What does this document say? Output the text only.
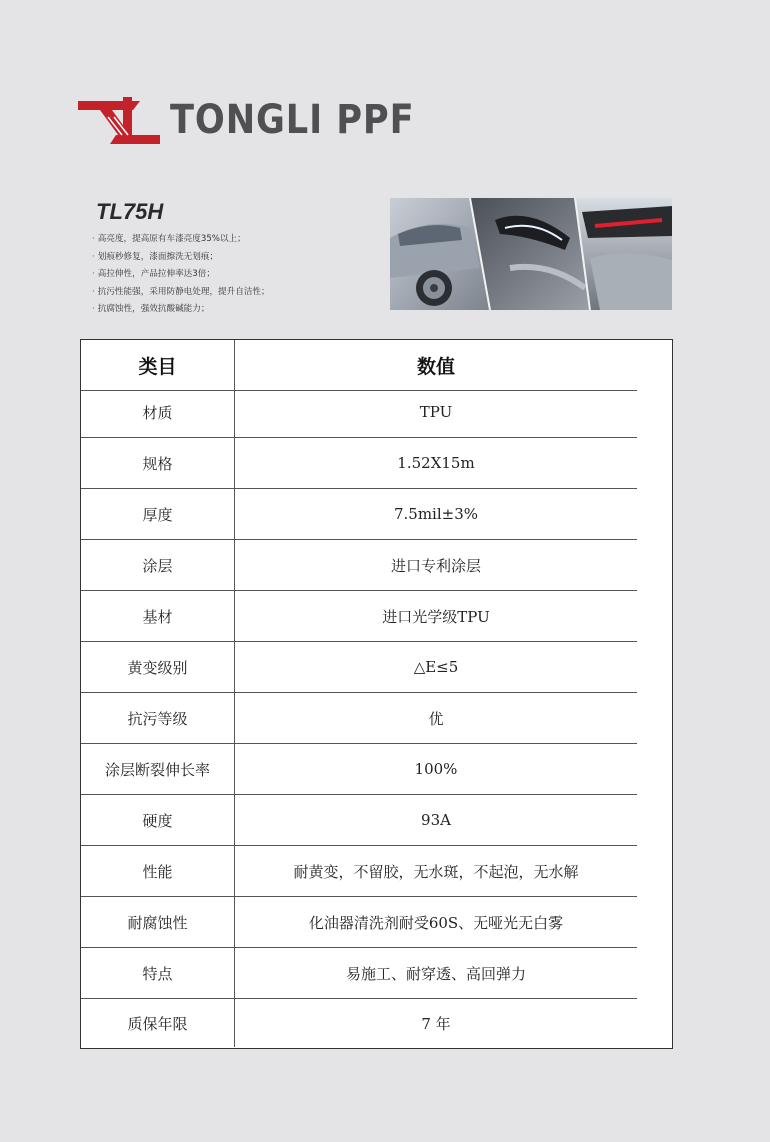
TONGLI PPF
TL75H
· 高亮度，提高原有车漆亮度35%以上；
· 划痕秒修复，漆面擦洗无划痕；
· 高拉伸性，产品拉伸率达3倍；
· 抗污性能强，采用防静电处理，提升自洁性；
· 抗腐蚀性，强效抗酸碱能力；
类目	数值
材质	TPU
规格	1.52X15m
厚度	7.5mil±3%
涂层	进口专利涂层
基材	进口光学级TPU
黄变级别	△E≤5
抗污等级	优
涂层断裂伸长率	100%
硬度	93A
性能	耐黄变，不留胶，无水斑，不起泡，无水解
耐腐蚀性	化油器清洗剂耐受60S、无哑光无白雾
特点	易施工、耐穿透、高回弹力
质保年限	7 年
